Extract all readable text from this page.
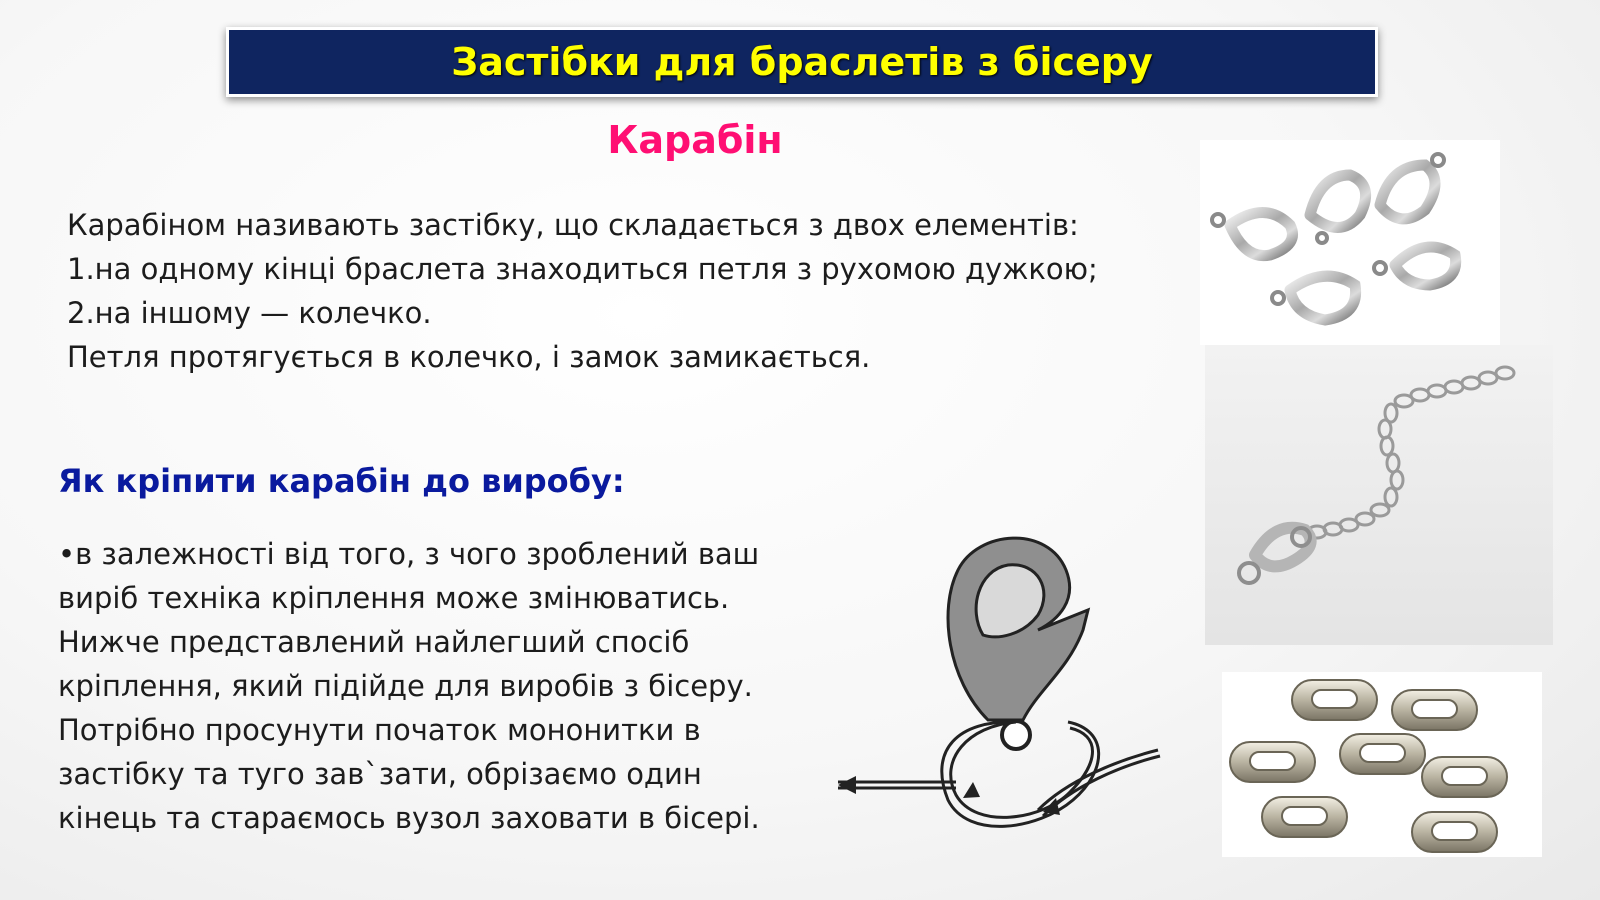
Застібки для браслетів з бісеру
Карабін
Карабіном називають застібку, що складається з двох елементів:
1.на одному кінці браслета знаходиться петля з рухомою дужкою;
2.на іншому — колечко.
Петля протягується в колечко, і замок замикається.
Як кріпити карабін до виробу:
•в залежності від того, з чого зроблений ваш
виріб техніка кріплення може змінюватись.
Нижче представлений найлегший спосіб
кріплення, який підійде для виробів з бісеру.
Потрібно просунути початок мононитки в
застібку та туго зав`зати, обрізаємо один
кінець та стараємось вузол заховати в бісері.
